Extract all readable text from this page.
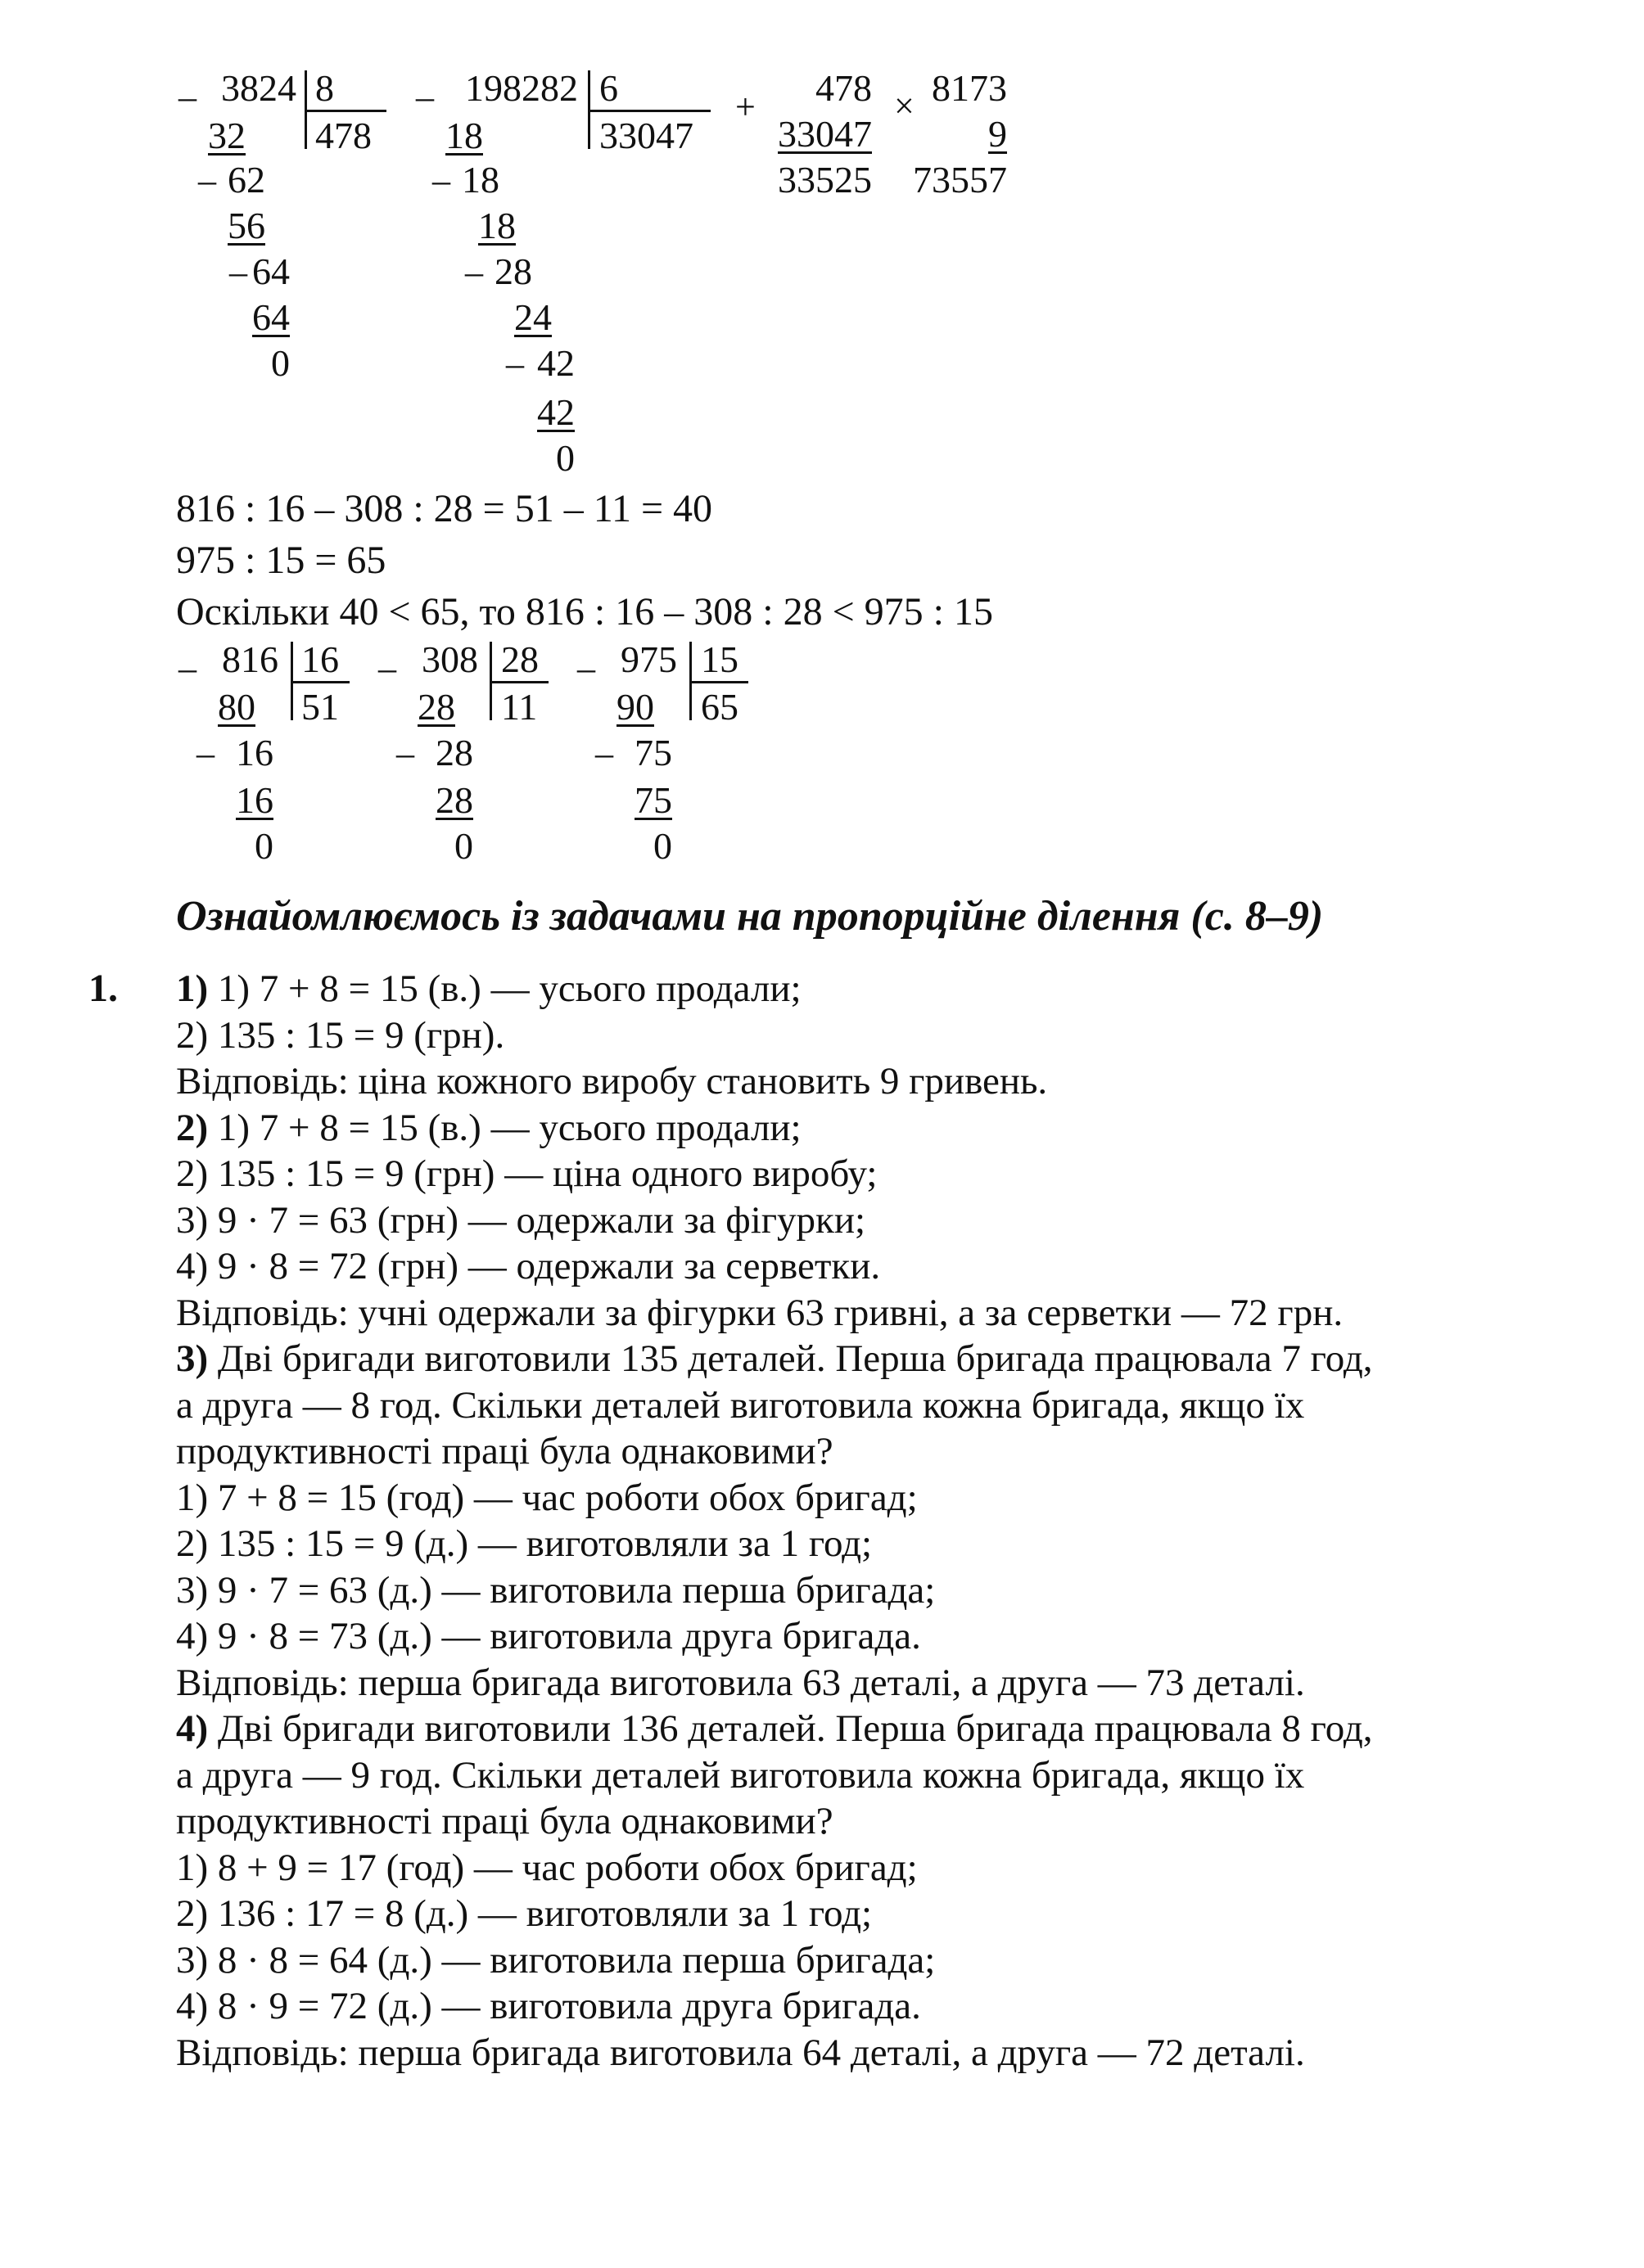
_ 3824 8
478
32
_ 62
56
_ 64
64
0
_ 198282 6
33047
18
_ 18
18
_ 28
24
_ 42
42
0
+	478
33047
33525
× 8173
9
73557
816 : 16 – 308 : 28 = 51 – 11 = 40
975 : 15 = 65
Оскільки 40 < 65, то 816 : 16 – 308 : 28 < 975 : 15
_ 816 16
51
80
_ 16
16
0
_ 308 28
11
28
_ 28
28
0
_ 975 15
65
90
_ 75
75
0
Ознайомлюємось із задачами на пропорційне ділення (с. 8–9)
1. 1) 1) 7 + 8 = 15 (в.) — усього продали;
2) 135 : 15 = 9 (грн).
Відповідь: ціна кожного виробу становить 9 гривень.
2) 1) 7 + 8 = 15 (в.) — усього продали;
2) 135 : 15 = 9 (грн) — ціна одного виробу;
3) 9 · 7 = 63 (грн) — одержали за фігурки;
4) 9 · 8 = 72 (грн) — одержали за серветки.
Відповідь: учні одержали за фігурки 63 гривні, а за серветки — 72 грн.
3) Дві бригади виготовили 135 деталей. Перша бригада працювала 7 год,
а друга — 8 год. Скільки деталей виготовила кожна бригада, якщо їх
продуктивності праці була однаковими?
1) 7 + 8 = 15 (год) — час роботи обох бригад;
2) 135 : 15 = 9 (д.) — виготовляли за 1 год;
3) 9 · 7 = 63 (д.) — виготовила перша бригада;
4) 9 · 8 = 73 (д.) — виготовила друга бригада.
Відповідь: перша бригада виготовила 63 деталі, а друга — 73 деталі.
4) Дві бригади виготовили 136 деталей. Перша бригада працювала 8 год,
а друга — 9 год. Скільки деталей виготовила кожна бригада, якщо їх
продуктивності праці була однаковими?
1) 8 + 9 = 17 (год) — час роботи обох бригад;
2) 136 : 17 = 8 (д.) — виготовляли за 1 год;
3) 8 · 8 = 64 (д.) — виготовила перша бригада;
4) 8 · 9 = 72 (д.) — виготовила друга бригада.
Відповідь: перша бригада виготовила 64 деталі, а друга — 72 деталі.
